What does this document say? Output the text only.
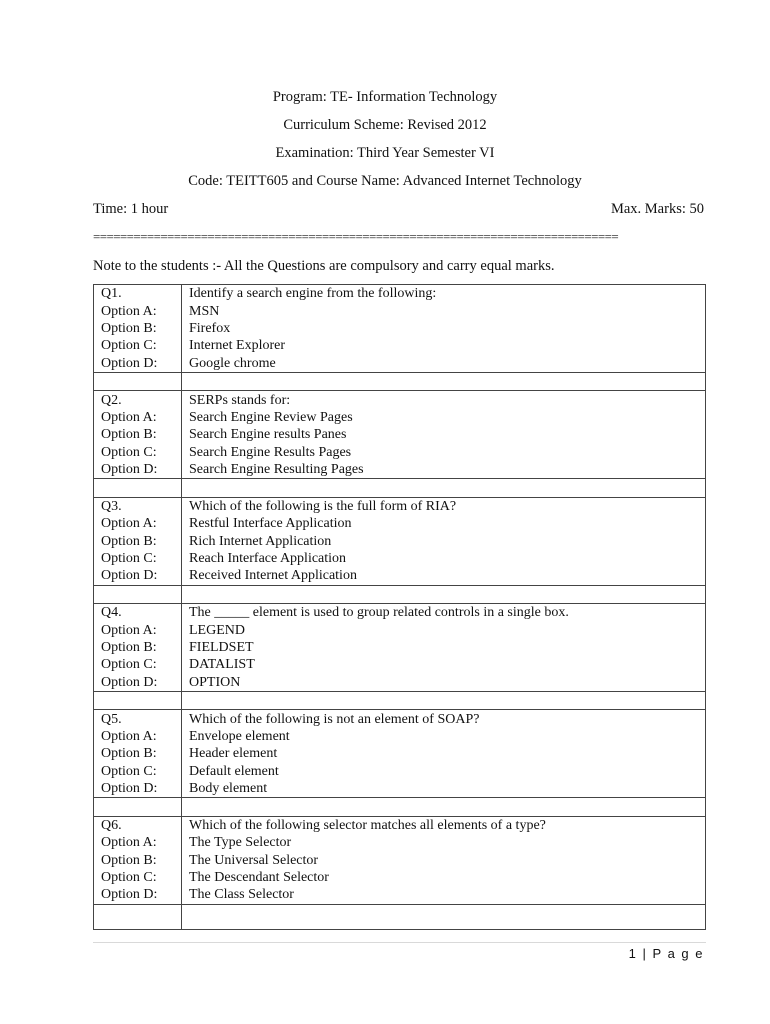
Program: TE- Information Technology
Curriculum Scheme: Revised 2012
Examination: Third Year Semester VI
Code: TEITT605 and Course Name: Advanced Internet Technology
Time: 1 hour	Max. Marks: 50
==============================================================================
Note to the students :- All the Questions are compulsory and carry equal marks.
Q1.	Identify a search engine from the following:
Option A:	MSN
Option B:	Firefox
Option C:	Internet Explorer
Option D:	Google chrome

Q2.	SERPs stands for:
Option A:	Search Engine Review Pages
Option B:	Search Engine results Panes
Option C:	Search Engine Results Pages
Option D:	Search Engine Resulting Pages

Q3.	Which of the following is the full form of RIA?
Option A:	Restful Interface Application
Option B:	Rich Internet Application
Option C:	Reach Interface Application
Option D:	Received Internet Application

Q4.	The _____ element is used to group related controls in a single box.
Option A:	LEGEND
Option B:	FIELDSET
Option C:	DATALIST
Option D:	OPTION

Q5.	Which of the following is not an element of SOAP?
Option A:	Envelope element
Option B:	Header element
Option C:	Default element
Option D:	Body element

Q6.	Which of the following selector matches all elements of a type?
Option A:	The Type Selector
Option B:	The Universal Selector
Option C:	The Descendant Selector
Option D:	The Class Selector

1 | P a g e
